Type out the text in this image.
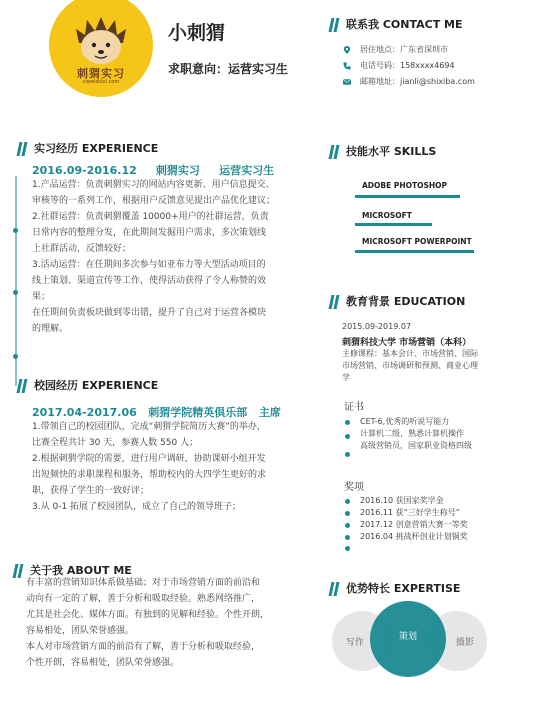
刺猬实习
ciweishixi.com
小刺猬
求职意向：运营实习生
联系我 CONTACT ME
居住地点：广东省深圳市
电话号码：158xxxx4694
邮箱地址：jianli@shixiba.com
实习经历 EXPERIENCE
2016.09-2016.12     刺猬实习     运营实习生
1.产品运营：负责刺猬实习的网站内容更新、用户信息提交、
审核等的一系列工作，根据用户反馈意见提出产品优化建议；
2.社群运营：负责刺猬覆盖 10000+用户的社群运营，负责
日常内容的整理分发，在此期间发掘用户需求，多次策划线
上社群活动，反馈较好；
3.活动运营：在任期间多次参与如亚布力等大型活动项目的
线上策划、渠道宣传等工作，使得活动获得了令人称赞的效
果；
在任期间负责板块做到零出错，提升了自己对于运营各模块
的理解。
校园经历 EXPERIENCE
2017.04-2017.06   刺猬学院精英俱乐部   主席
1.带领自己的校园团队，完成“刺猬学院简历大赛”的举办，
比赛全程共计 30 天，参赛人数 550 人；
2.根据刺猬学院的需要，进行用户调研，协助课研小组开发
出短频快的求职课程和服务，帮助校内的大四学生更好的求
职，获得了学生的一致好评；
3.从 0-1 拓展了校园团队，成立了自己的领导班子；
关于我 ABOUT ME
有丰富的营销知识体系做基础；对于市场营销方面的前沿和
动向有一定的了解，善于分析和吸取经验。熟悉网络推广，
尤其是社会化、媒体方面。有独到的见解和经验。个性开朗，
容易相处，团队荣誉感强。
本人对市场营销方面的前沿有了解，善于分析和吸取经验，
个性开朗，容易相处，团队荣誉感强。
技能水平 SKILLS
ADOBE PHOTOSHOP
MICROSOFT
MICROSOFT POWERPOINT
教育背景 EDUCATION
2015.09-2019.07
刺猬科技大学 市场营销（本科）
主修课程：基本会计、市场营销、国际
市场营销、市场调研和预测、商业心理
学
证书
CET-6,优秀的听说写能力
计算机二级，熟悉计算机操作
高级营销员，国家职业资格四级
奖项
2016.10 获国家奖学金
2016.11 获“三好学生称号”
2017.12 创意营销大赛一等奖
2016.04 挑战杯创业计划铜奖
优势特长 EXPERTISE
写作	摄影
策划
